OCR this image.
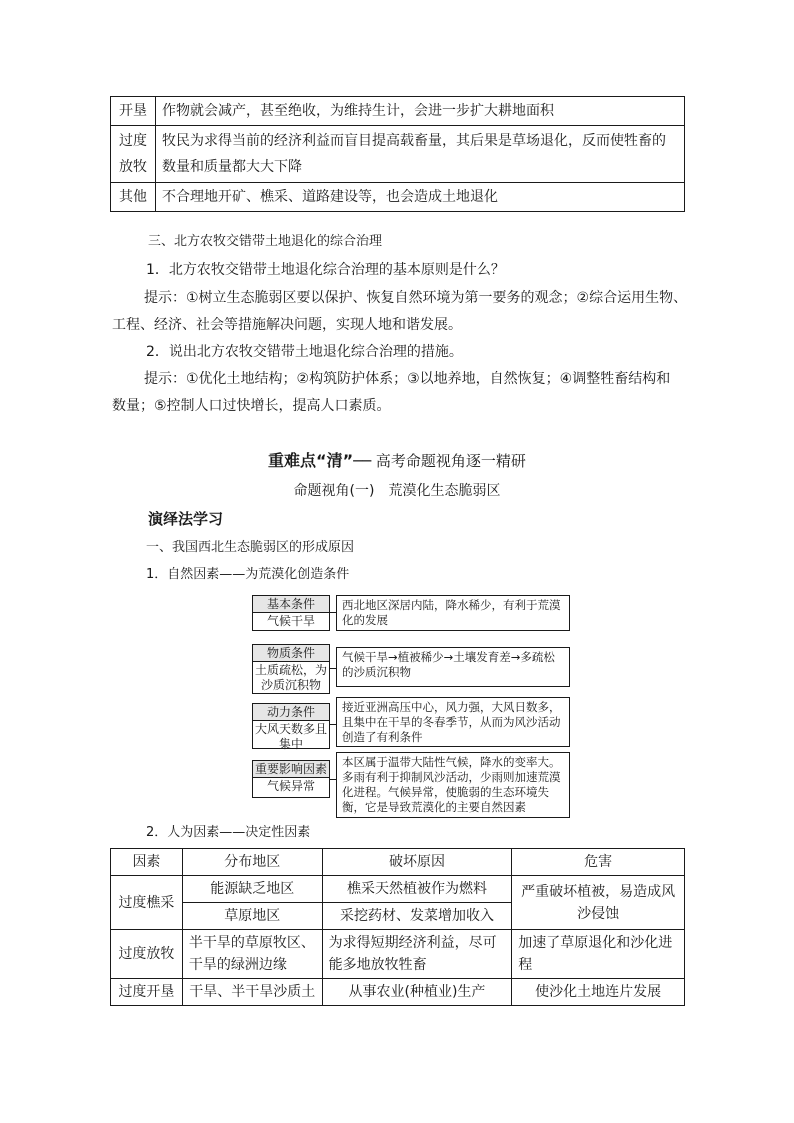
开垦	作物就会减产，甚至绝收，为维持生计，会进一步扩大耕地面积
过度放牧	牧民为求得当前的经济利益而盲目提高载畜量，其后果是草场退化，反而使牲畜的数量和质量都大大下降
其他	不合理地开矿、樵采、道路建设等，也会造成土地退化
三、北方农牧交错带土地退化的综合治理
1．北方农牧交错带土地退化综合治理的基本原则是什么？
提示：①树立生态脆弱区要以保护、恢复自然环境为第一要务的观念；②综合运用生物、
工程、经济、社会等措施解决问题，实现人地和谐发展。
2．说出北方农牧交错带土地退化综合治理的措施。
提示：①优化土地结构；②构筑防护体系；③以地养地，自然恢复；④调整牲畜结构和
数量；⑤控制人口过快增长，提高人口素质。
重难点“清”── 高考命题视角逐一精研
命题视角(一)　荒漠化生态脆弱区
演绎法学习
一、我国西北生态脆弱区的形成原因
1．自然因素——为荒漠化创造条件
基本条件
气候干旱
西北地区深居内陆，降水稀少，有利于荒漠化的发展
物质条件
土质疏松，为沙质沉积物
气候干旱→植被稀少→土壤发育差→多疏松的沙质沉积物
动力条件
大风天数多且集中
接近亚洲高压中心，风力强，大风日数多，且集中在干旱的冬春季节，从而为风沙活动创造了有利条件
重要影响因素
气候异常
本区属于温带大陆性气候，降水的变率大。多雨有利于抑制风沙活动，少雨则加速荒漠化进程。气候异常，使脆弱的生态环境失衡，它是导致荒漠化的主要自然因素
2．人为因素——决定性因素
因素	分布地区	破坏原因	危害
过度樵采	能源缺乏地区	樵采天然植被作为燃料	严重破坏植被，易造成风沙侵蚀
	草原地区	采挖药材、发菜增加收入	
过度放牧	半干旱的草原牧区、干旱的绿洲边缘	为求得短期经济利益，尽可能多地放牧牲畜	加速了草原退化和沙化进程
过度开垦	干旱、半干旱沙质土	从事农业(种植业)生产	使沙化土地连片发展
